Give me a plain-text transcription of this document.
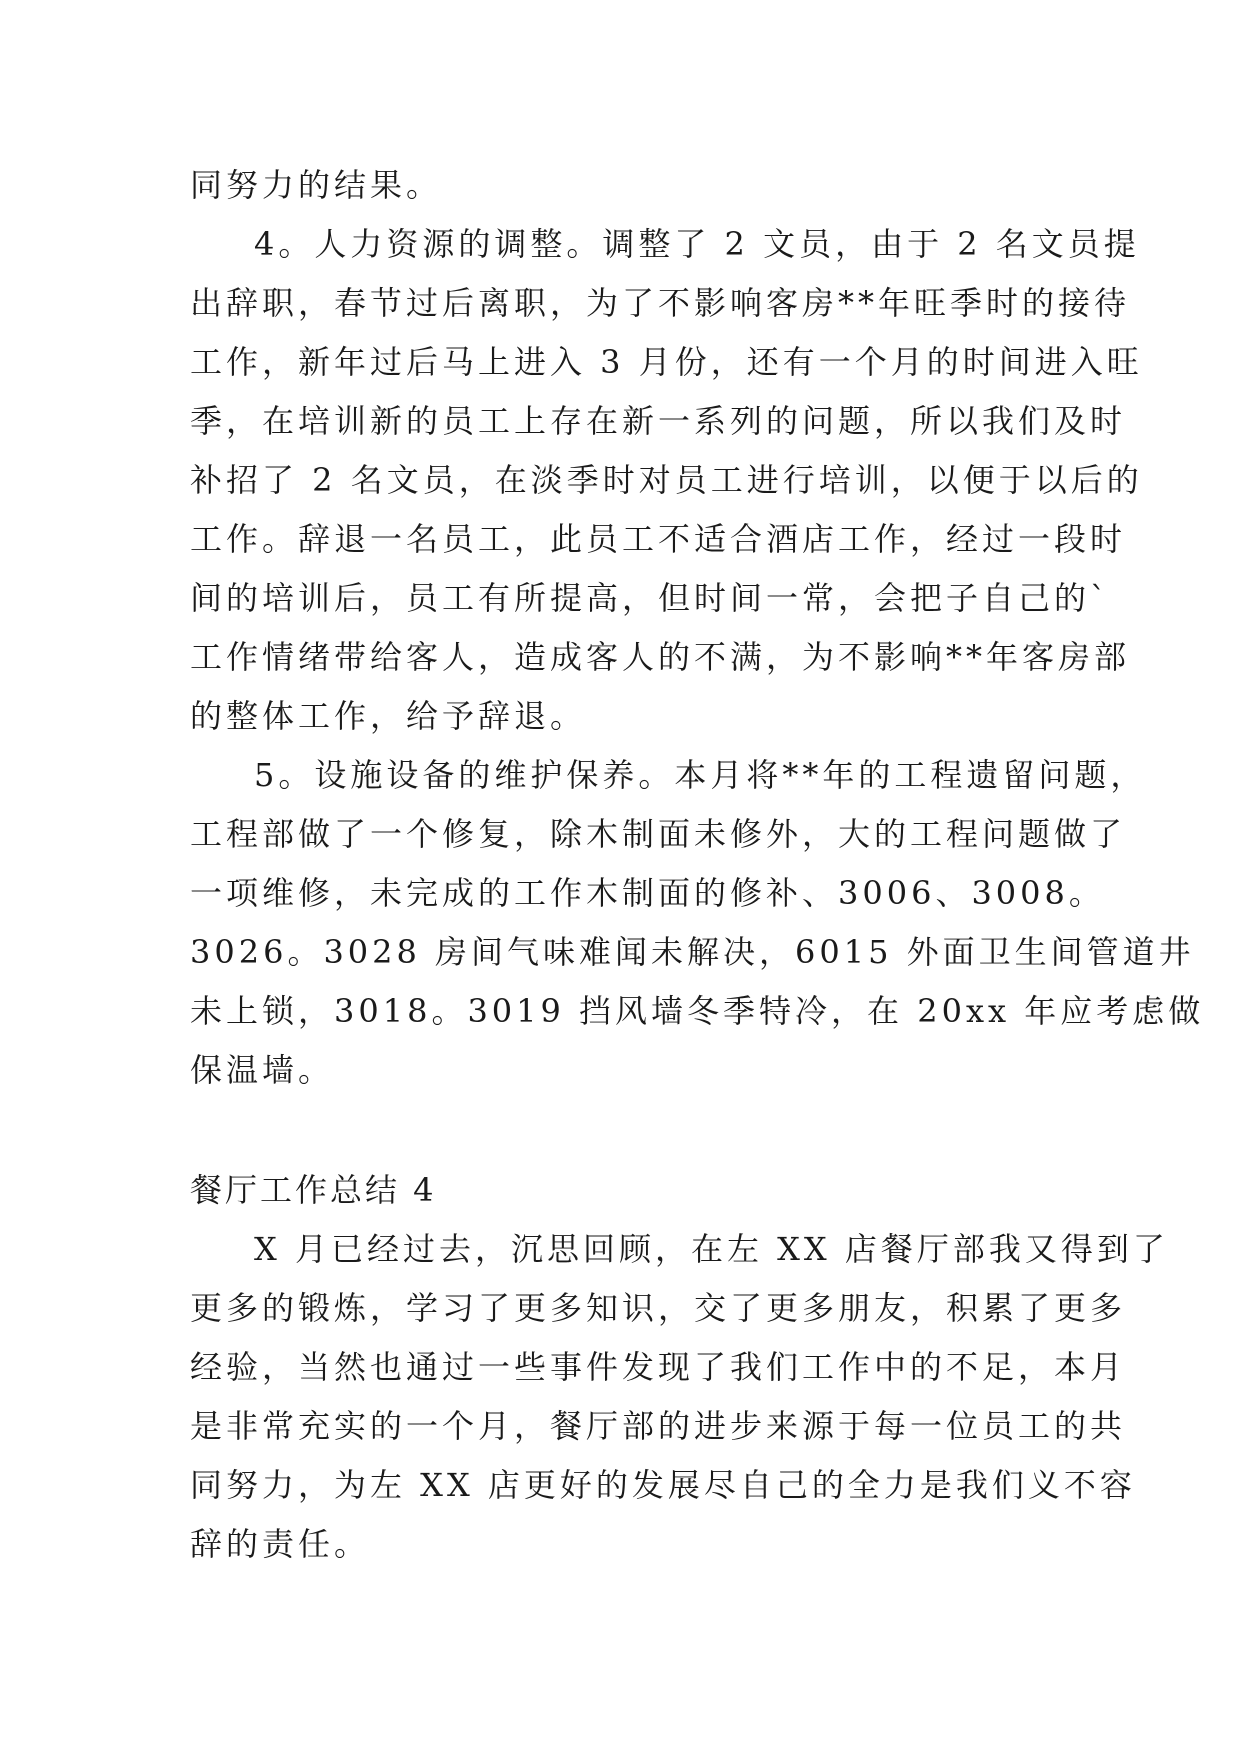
同努力的结果。
4。人力资源的调整。调整了 2 文员，由于 2 名文员提
出辞职，春节过后离职，为了不影响客房**年旺季时的接待
工作，新年过后马上进入 3 月份，还有一个月的时间进入旺
季，在培训新的员工上存在新一系列的问题，所以我们及时
补招了 2 名文员，在淡季时对员工进行培训，以便于以后的
工作。辞退一名员工，此员工不适合酒店工作，经过一段时
间的培训后，员工有所提高，但时间一常，会把子自己的`
工作情绪带给客人，造成客人的不满，为不影响**年客房部
的整体工作，给予辞退。
5。设施设备的维护保养。本月将**年的工程遗留问题，
工程部做了一个修复，除木制面未修外，大的工程问题做了
一项维修，未完成的工作木制面的修补、3006、3008。
3026。3028 房间气味难闻未解决，6015 外面卫生间管道井
未上锁，3018。3019 挡风墙冬季特冷，在 20xx 年应考虑做
保温墙。
餐厅工作总结 4
X 月已经过去，沉思回顾，在左 XX 店餐厅部我又得到了
更多的锻炼，学习了更多知识，交了更多朋友，积累了更多
经验，当然也通过一些事件发现了我们工作中的不足，本月
是非常充实的一个月，餐厅部的进步来源于每一位员工的共
同努力，为左 XX 店更好的发展尽自己的全力是我们义不容
辞的责任。
